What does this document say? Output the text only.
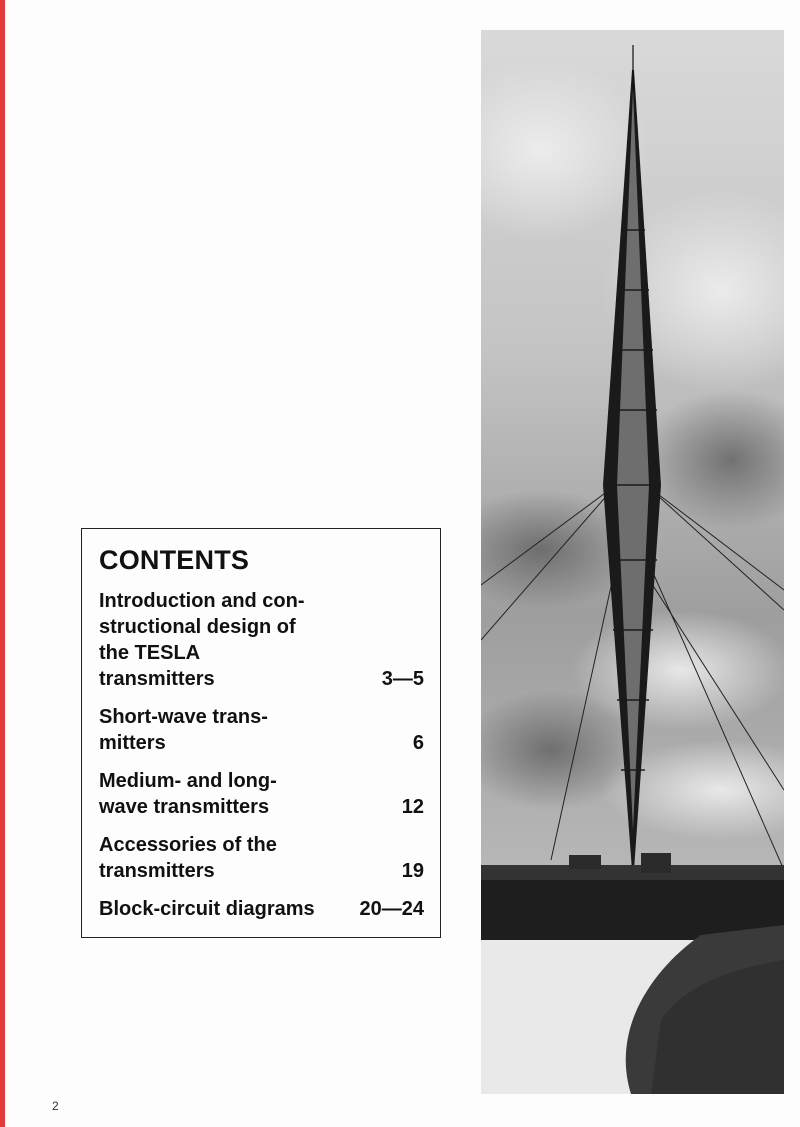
CONTENTS
Introduction and con-
structional design of
the TESLA
transmitters	3—5
Short-wave trans-
mitters	6
Medium- and long-
wave transmitters	12
Accessories of the
transmitters	19
Block-circuit diagrams	20—24
2
